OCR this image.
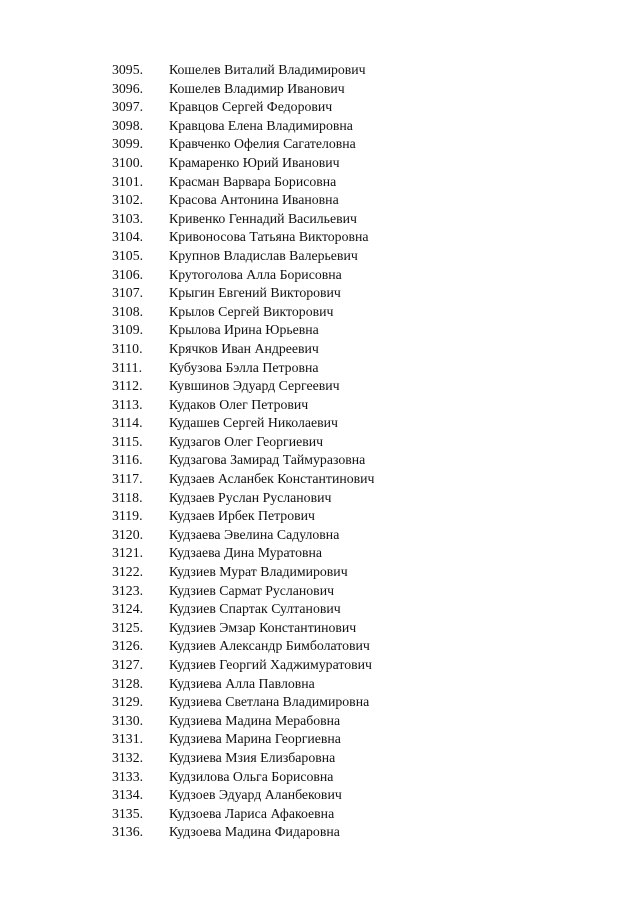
3095. Кошелев Виталий Владимирович
3096. Кошелев Владимир Иванович
3097. Кравцов Сергей Федорович
3098. Кравцова Елена Владимировна
3099. Кравченко Офелия Сагателовна
3100. Крамаренко Юрий Иванович
3101. Красман Варвара Борисовна
3102. Красова Антонина Ивановна
3103. Кривенко Геннадий Васильевич
3104. Кривоносова Татьяна Викторовна
3105. Крупнов Владислав Валерьевич
3106. Крутоголова Алла Борисовна
3107. Крыгин Евгений Викторович
3108. Крылов Сергей Викторович
3109. Крылова Ирина Юрьевна
3110. Крячков Иван Андреевич
3111. Кубузова Бэлла Петровна
3112. Кувшинов Эдуард Сергеевич
3113. Кудаков Олег Петрович
3114. Кудашев Сергей Николаевич
3115. Кудзагов Олег Георгиевич
3116. Кудзагова Замирад Таймуразовна
3117. Кудзаев Асланбек Константинович
3118. Кудзаев Руслан Русланович
3119. Кудзаев Ирбек Петрович
3120. Кудзаева Эвелина Садуловна
3121. Кудзаева Дина Муратовна
3122. Кудзиев Мурат Владимирович
3123. Кудзиев Сармат Русланович
3124. Кудзиев Спартак Султанович
3125. Кудзиев Эмзар Константинович
3126. Кудзиев Александр Бимболатович
3127. Кудзиев Георгий Хаджимуратович
3128. Кудзиева Алла Павловна
3129. Кудзиева Светлана Владимировна
3130. Кудзиева Мадина Мерабовна
3131. Кудзиева Марина Георгиевна
3132. Кудзиева Мзия Елизбаровна
3133. Кудзилова Ольга Борисовна
3134. Кудзоев Эдуард Аланбекович
3135. Кудзоева Лариса Афакоевна
3136. Кудзоева Мадина Фидаровна
